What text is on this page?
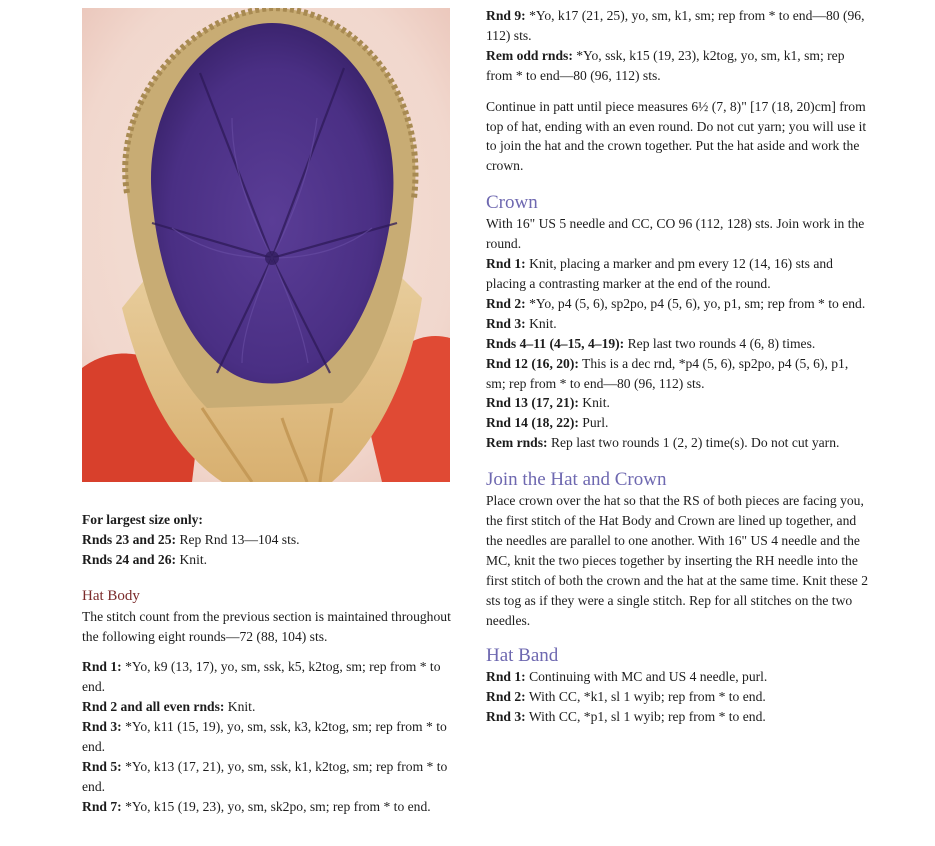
For largest size only:

Rnds 23 and 25: Rep Rnd 13—104 sts.

Rnds 24 and 26: Knit.

Hat Body

The stitch count from the previous section is maintained throughout the following eight rounds—72 (88, 104) sts.

Rnd 1: *Yo, k9 (13, 17), yo, sm, ssk, k5, k2tog, sm; rep from * to end.

Rnd 2 and all even rnds: Knit.

Rnd 3: *Yo, k11 (15, 19), yo, sm, ssk, k3, k2tog, sm; rep from * to end.

Rnd 5: *Yo, k13 (17, 21), yo, sm, ssk, k1, k2tog, sm; rep from * to end.

Rnd 7: *Yo, k15 (19, 23), yo, sm, sk2po, sm; rep from * to end.

Rnd 9: *Yo, k17 (21, 25), yo, sm, k1, sm; rep from * to end—80 (96, 112) sts.

Rem odd rnds: *Yo, ssk, k15 (19, 23), k2tog, yo, sm, k1, sm; rep from * to end—80 (96, 112) sts.

Continue in patt until piece measures 6½ (7, 8)" [17 (18, 20)cm] from top of hat, ending with an even round. Do not cut yarn; you will use it to join the hat and the crown together. Put the hat aside and work the crown.

Crown

With 16" US 5 needle and CC, CO 96 (112, 128) sts. Join work in the round.

Rnd 1: Knit, placing a marker and pm every 12 (14, 16) sts and placing a contrasting marker at the end of the round.

Rnd 2: *Yo, p4 (5, 6), sp2po, p4 (5, 6), yo, p1, sm; rep from * to end.

Rnd 3: Knit.

Rnds 4–11 (4–15, 4–19): Rep last two rounds 4 (6, 8) times.

Rnd 12 (16, 20): This is a dec rnd, *p4 (5, 6), sp2po, p4 (5, 6), p1, sm; rep from * to end—80 (96, 112) sts.

Rnd 13 (17, 21): Knit.

Rnd 14 (18, 22): Purl.

Rem rnds: Rep last two rounds 1 (2, 2) time(s). Do not cut yarn.

Join the Hat and Crown

Place crown over the hat so that the RS of both pieces are facing you, the first stitch of the Hat Body and Crown are lined up together, and the needles are parallel to one another. With 16" US 4 needle and the MC, knit the two pieces together by inserting the RH needle into the first stitch of both the crown and the hat at the same time. Knit these 2 sts tog as if they were a single stitch. Rep for all stitches on the two needles.

Hat Band

Rnd 1: Continuing with MC and US 4 needle, purl.

Rnd 2: With CC, *k1, sl 1 wyib; rep from * to end.

Rnd 3: With CC, *p1, sl 1 wyib; rep from * to end.
